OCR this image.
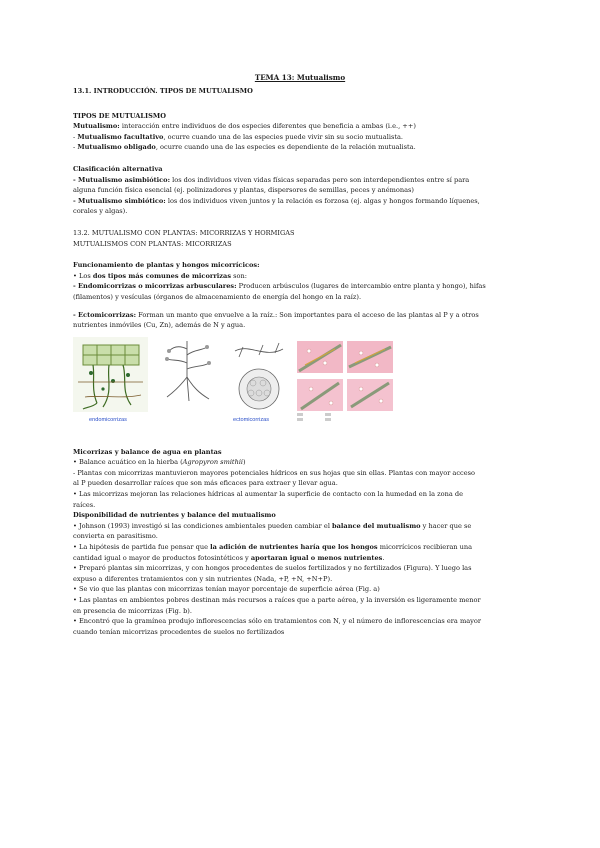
TEMA 13: Mutualismo

13.1. INTRODUCCIÓN. TIPOS DE MUTUALISMO

TIPOS DE MUTUALISMO

Mutualismo: interacción entre individuos de dos especies diferentes que beneficia a ambas (i.e., ++)

- Mutualismo facultativo, ocurre cuando una de las especies puede vivir sin su socio mutualista.

- Mutualismo obligado, ocurre cuando una de las especies es dependiente de la relación mutualista.

Clasificación alternativa

- Mutualismo asimbiótico: los dos individuos viven vidas físicas separadas pero son interdependientes entre sí para

alguna función física esencial (ej. polinizadores y plantas, dispersores de semillas, peces y anémonas)

- Mutualismo simbiótico: los dos individuos viven juntos y la relación es forzosa (ej. algas y hongos formando líquenes,

corales y algas).

13.2. MUTUALISMO CON PLANTAS: MICORRIZAS Y HORMIGAS

MUTUALISMOS CON PLANTAS: MICORRIZAS

Funcionamiento de plantas y hongos micorrícicos:

• Los dos tipos más comunes de micorrizas son:

- Endomicorrizas o micorrizas arbusculares: Producen arbúsculos (lugares de intercambio entre planta y hongo), hifas

(filamentos) y vesículas (órganos de almacenamiento de energía del hongo en la raíz).

- Ectomicorrizas: Forman un manto que envuelve a la raíz.: Son importantes para el acceso de las plantas al P y a otros

nutrientes inmóviles (Cu, Zn), además de N y agua.

endomicorrizas	ectomicorrizas

Micorrizas y balance de agua en plantas

• Balance acuático en la hierba (Agropyron smithii)

- Plantas con micorrizas mantuvieron mayores potenciales hídricos en sus hojas que sin ellas. Plantas con mayor acceso

al P pueden desarrollar raíces que son más eficaces para extraer y llevar agua.

• Las micorrizas mejoran las relaciones hídricas al aumentar la superficie de contacto con la humedad en la zona de

raíces.

Disponibilidad de nutrientes y balance del mutualismo

• Johnson (1993) investigó si las condiciones ambientales pueden cambiar el balance del mutualismo y hacer que se

convierta en parasitismo.

• La hipótesis de partida fue pensar que la adición de nutrientes haría que los hongos micorrícicos recibieran una

cantidad igual o mayor de productos fotosintéticos y aportaran igual o menos nutrientes.

• Preparó plantas sin micorrizas, y con hongos procedentes de suelos fertilizados y no fertilizados (Figura). Y luego las

expuso a diferentes tratamientos con y sin nutrientes (Nada, +P, +N, +N+P).

• Se vio que las plantas con micorrizas tenían mayor porcentaje de superficie aérea (Fig. a)

• Las plantas en ambientes pobres destinan más recursos a raíces que a parte aérea, y la inversión es ligeramente menor

en presencia de micorrizas (Fig. b).

• Encontró que la gramínea produjo inflorescencias sólo en tratamientos con N, y el número de inflorescencias era mayor

cuando tenían micorrizas procedentes de suelos no fertilizados
